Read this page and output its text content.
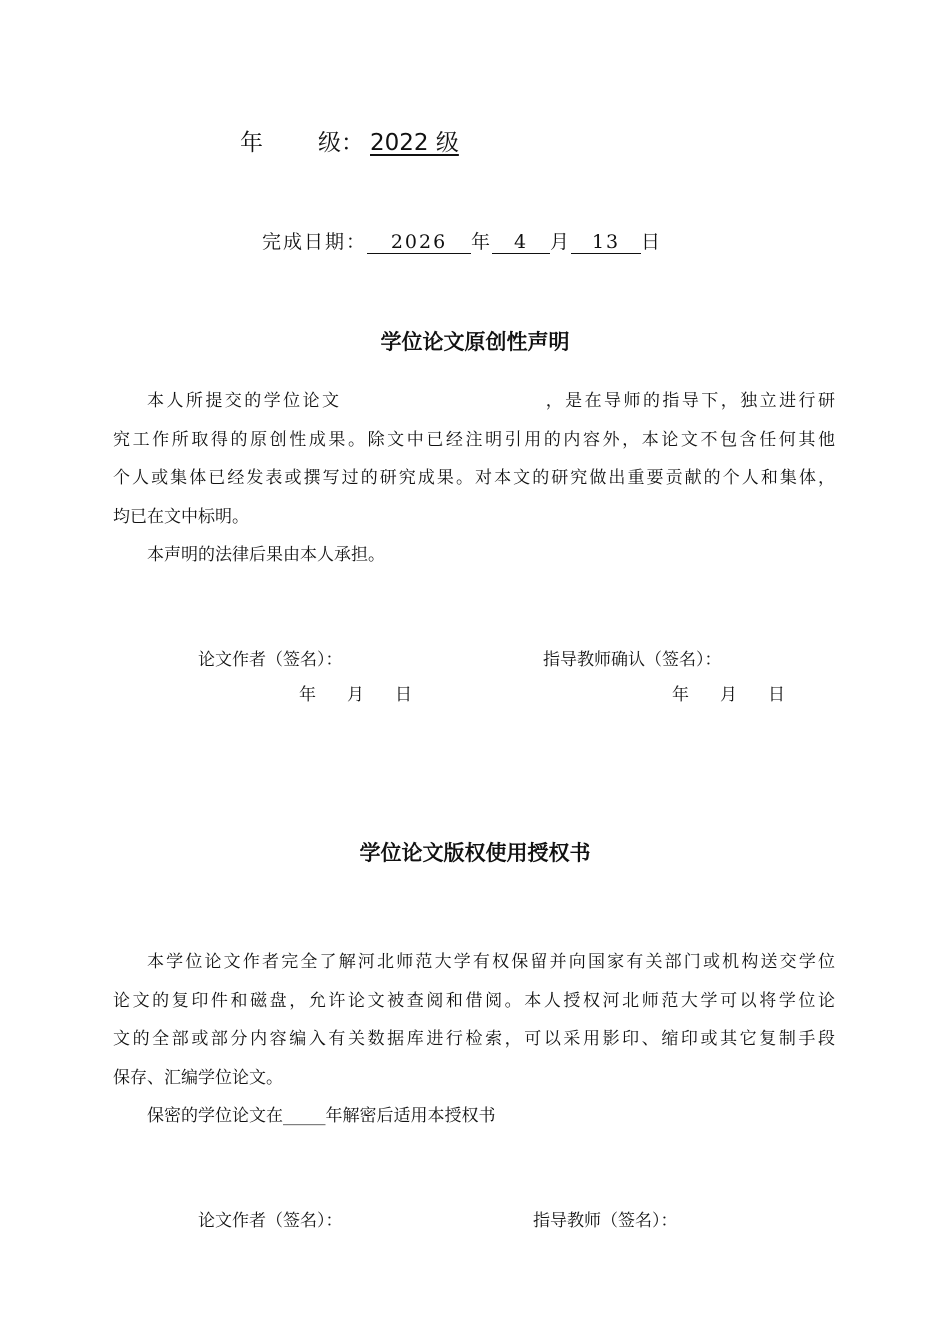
年 级： 2022 级
完成日期： 2026 年 4 月 13 日
学位论文原创性声明

本人所提交的学位论文                          ，是在导师的指导下，独立进行研

究工作所取得的原创性成果。除文中已经注明引用的内容外，本论文不包含任何其他
个人或集体已经发表或撰写过的研究成果。对本文的研究做出重要贡献的个人和集体，
均已在文中标明。

本声明的法律后果由本人承担。

论文作者（签名）：	指导教师确认（签名）：
年 月 日	年 月 日
学位论文版权使用授权书

本学位论文作者完全了解河北师范大学有权保留并向国家有关部门或机构送交学位

论文的复印件和磁盘，允许论文被查阅和借阅。本人授权河北师范大学可以将学位论
文的全部或部分内容编入有关数据库进行检索，可以采用影印、缩印或其它复制手段
保存、汇编学位论文。

保密的学位论文在_____年解密后适用本授权书

论文作者（签名）：	指导教师（签名）：
